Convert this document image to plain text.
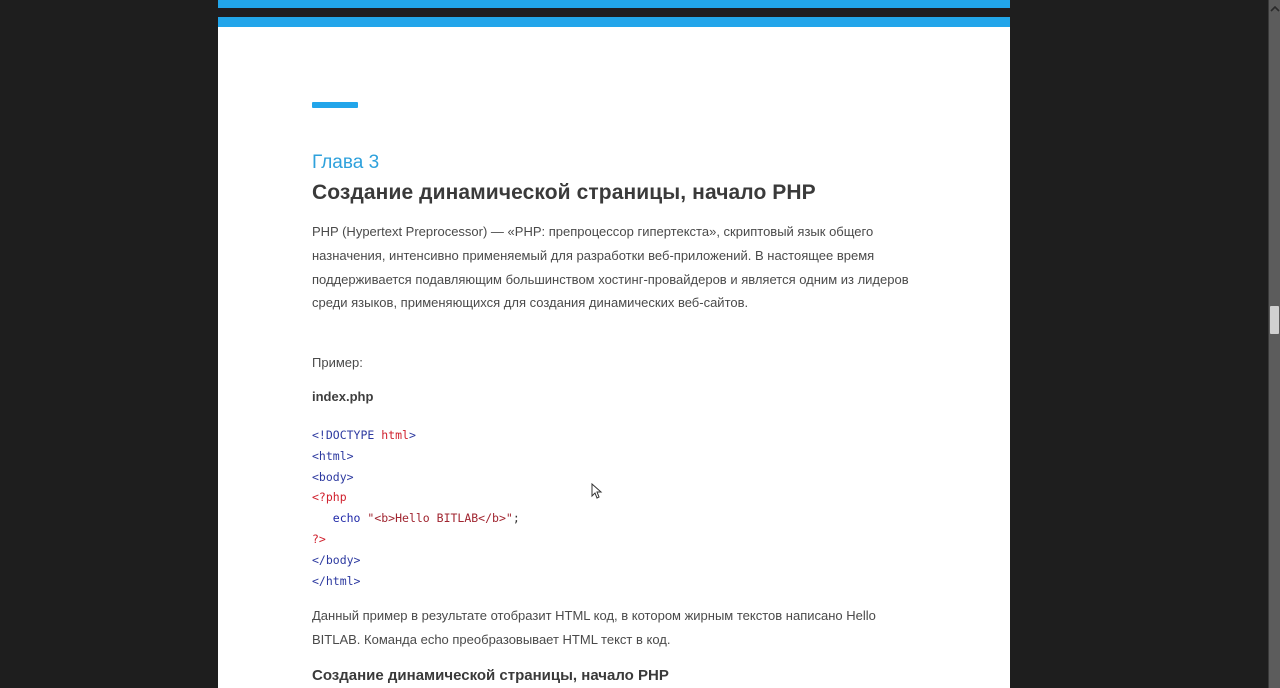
Глава 3
Создание динамической страницы, начало PHP
PHP (Hypertext Preprocessor) — «PHP: препроцессор гипертекста», скриптовый язык общего назначения, интенсивно применяемый для разработки веб-приложений. В настоящее время поддерживается подавляющим большинством хостинг-провайдеров и является одним из лидеров среди языков, применяющихся для создания динамических веб-сайтов.
Пример:
index.php
<!DOCTYPE html>
<html>
<body>
<?php
echo "<b>Hello BITLAB</b>";
?>
</body>
</html>
Данный пример в результате отобразит HTML код, в котором жирным текстов написано Hello BITLAB. Команда echo преобразовывает HTML текст в код.
Создание динамической страницы, начало PHP
